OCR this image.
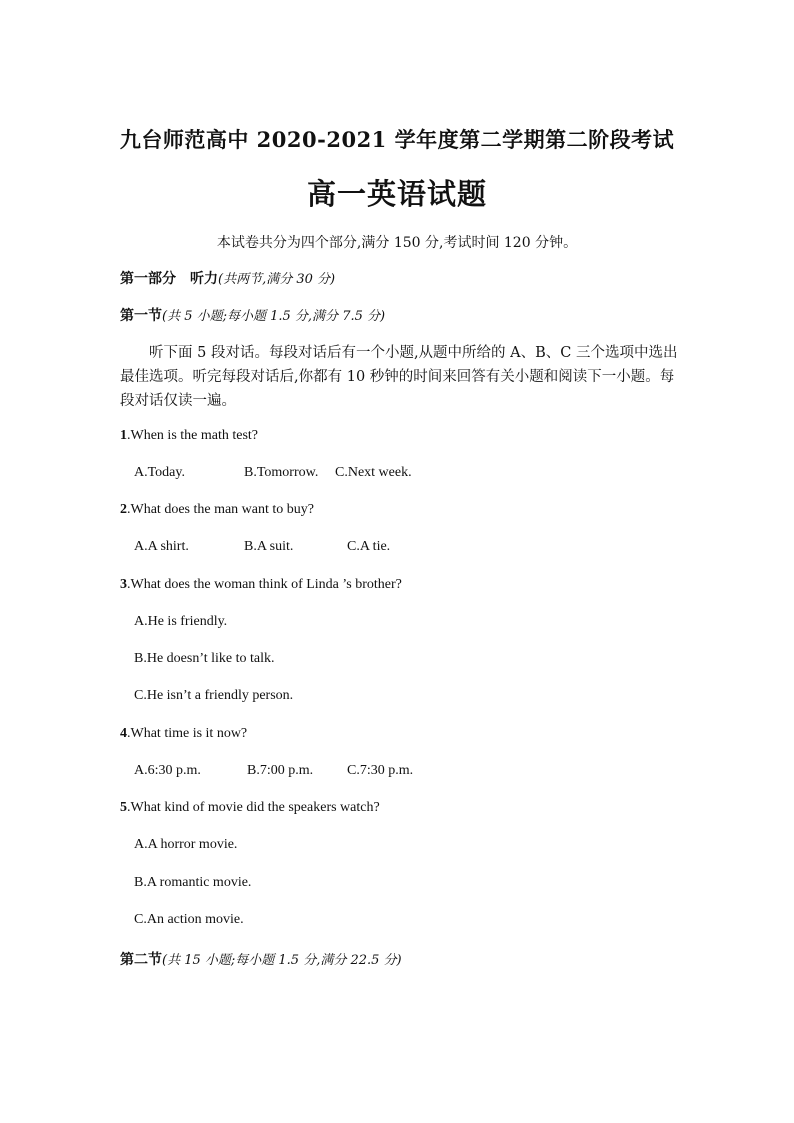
九台师范高中 2020-2021 学年度第二学期第二阶段考试
高一英语试题
本试卷共分为四个部分,满分 150 分,考试时间 120 分钟。
第一部分　听力(共两节,满分 30 分)
第一节(共 5 小题;每小题 1.5 分,满分 7.5 分)
听下面 5 段对话。每段对话后有一个小题,从题中所给的 A、B、C 三个选项中选出最佳选项。听完每段对话后,你都有 10 秒钟的时间来回答有关小题和阅读下一小题。每段对话仅读一遍。
1.When is the math test?
A.Today.	B.Tomorrow. C.Next week.
2.What does the man want to buy?
A.A shirt.	B.A suit.	C.A tie.
3.What does the woman think of Linda ’s brother?
A.He is friendly.
B.He doesn’t like to talk.
C.He isn’t a friendly person.
4.What time is it now?
A.6:30 p.m.	B.7:00 p.m. C.7:30 p.m.
5.What kind of movie did the speakers watch?
A.A horror movie.
B.A romantic movie.
C.An action movie.
第二节(共 15 小题;每小题 1.5 分,满分 22.5 分)
